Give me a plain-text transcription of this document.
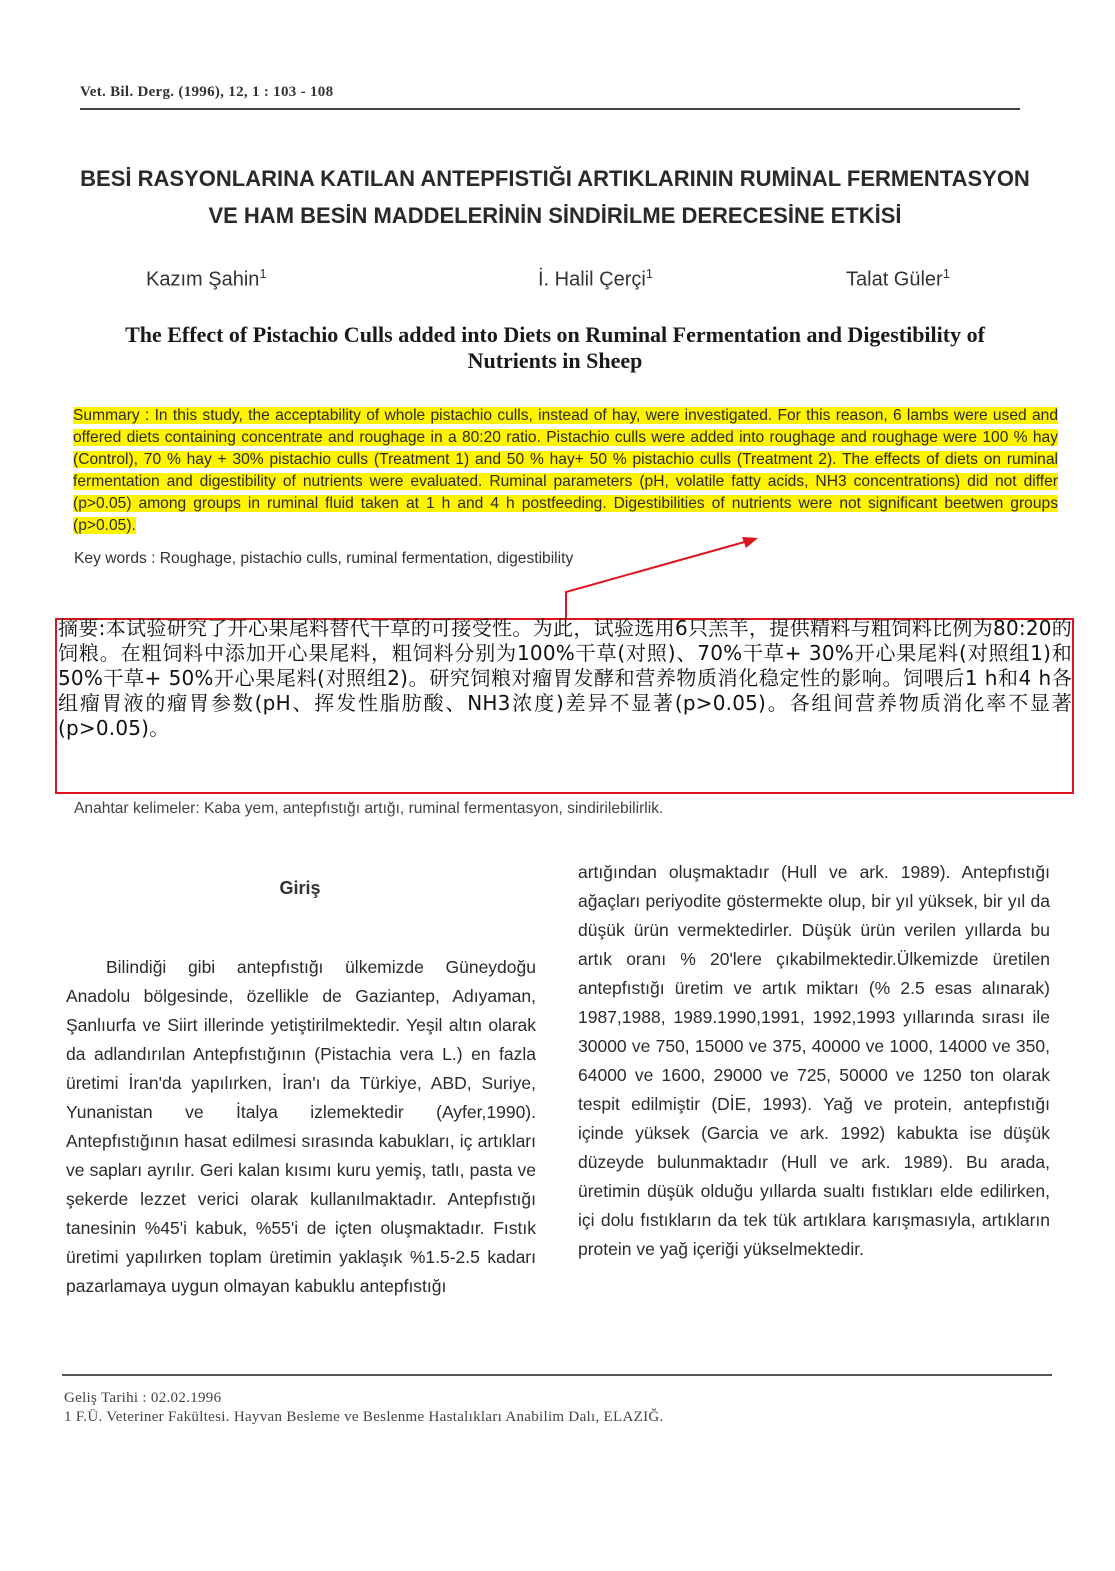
Vet. Bil. Derg. (1996), 12, 1 : 103 - 108
BESİ RASYONLARINA KATILAN ANTEPFISTIĞI ARTIKLARININ RUMİNAL FERMENTASYON VE HAM BESİN MADDELERİNİN SİNDİRİLME DERECESİNE ETKİSİ
Kazım Şahin$^1$	İ. Halil Çerçi$^1$	Talat Güler$^1$
The Effect of Pistachio Culls added into Diets on Ruminal Fermentation and Digestibility of Nutrients in Sheep
Summary : In this study, the acceptability of whole pistachio culls, instead of hay, were investigated. For this reason, 6 lambs were used and offered diets containing concentrate and roughage in a 80:20 ratio. Pistachio culls were added into roughage and roughage were 100 % hay (Control), 70 % hay + 30% pistachio culls (Treatment 1) and 50 % hay+ 50 % pistachio culls (Treatment 2). The effects of diets on ruminal fermentation and digestibility of nutrients were evaluated. Ruminal parameters (pH, volatile fatty acids, NH3 concentrations) did not differ (p>0.05) among groups in ruminal fluid taken at 1 h and 4 h postfeeding. Digestibilities of nutrients were not significant beetwen groups (p>0.05).
Key words : Roughage, pistachio culls, ruminal fermentation, digestibility
摘要:本试验研究了开心果尾料替代干草的可接受性。为此，试验选用6只羔羊，提供精料与粗饲料比例为80:20的饲粮。在粗饲料中添加开心果尾料，粗饲料分别为100%干草(对照)、70%干草+ 30%开心果尾料(对照组1)和50%干草+ 50%开心果尾料(对照组2)。研究饲粮对瘤胃发酵和营养物质消化稳定性的影响。饲喂后1 h和4 h各组瘤胃液的瘤胃参数(pH、挥发性脂肪酸、NH3浓度)差异不显著(p>0.05)。各组间营养物质消化率不显著(p>0.05)。
Anahtar kelimeler: Kaba yem, antepfıstığı artığı, ruminal fermentasyon, sindirilebilirlik.
Giriş
Bilindiği gibi antepfıstığı ülkemizde Güneydoğu Anadolu bölgesinde, özellikle de Gaziantep, Adıyaman, Şanlıurfa ve Siirt illerinde yetiştirilmektedir. Yeşil altın olarak da adlandırılan Antepfıstığının (Pistachia vera L.) en fazla üretimi İran'da yapılırken, İran'ı da Türkiye, ABD, Suriye, Yunanistan ve İtalya izlemektedir (Ayfer,1990). Antepfıstığının hasat edilmesi sırasında kabukları, iç artıkları ve sapları ayrılır. Geri kalan kısımı kuru yemiş, tatlı, pasta ve şekerde lezzet verici olarak kullanılmaktadır. Antepfıstığı tanesinin %45'i kabuk, %55'i de içten oluşmaktadır. Fıstık üretimi yapılırken toplam üretimin yaklaşık %1.5-2.5 kadarı pazarlamaya uygun olmayan kabuklu antepfıstığı
artığından oluşmaktadır (Hull ve ark. 1989). Antepfıstığı ağaçları periyodite göstermekte olup, bir yıl yüksek, bir yıl da düşük ürün vermektedirler. Düşük ürün verilen yıllarda bu artık oranı % 20'lere çıkabilmektedir.Ülkemizde üretilen antepfıstığı üretim ve artık miktarı (% 2.5 esas alınarak) 1987,1988, 1989.1990,1991, 1992,1993 yıllarında sırası ile 30000 ve 750, 15000 ve 375, 40000 ve 1000, 14000 ve 350, 64000 ve 1600, 29000 ve 725, 50000 ve 1250 ton olarak tespit edilmiştir (DİE, 1993). Yağ ve protein, antepfıstığı içinde yüksek (Garcia ve ark. 1992) kabukta ise düşük düzeyde bulunmaktadır (Hull ve ark. 1989). Bu arada, üretimin düşük olduğu yıllarda sualtı fıstıkları elde edilirken, içi dolu fıstıkların da tek tük artıklara karışmasıyla, artıkların protein ve yağ içeriği yükselmektedir.
Geliş Tarihi : 02.02.1996
1 F.Ü. Veteriner Fakültesi. Hayvan Besleme ve Beslenme Hastalıkları Anabilim Dalı, ELAZIĞ.
